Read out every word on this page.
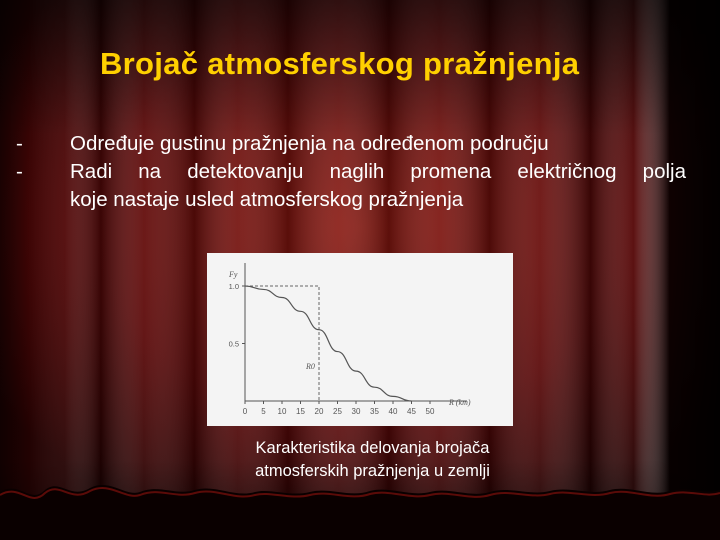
Brojač atmosferskog pražnjenja
-	Određuje gustinu pražnjenja na određenom području
-	Radi na detektovanju naglih promena električnog polja
koje nastaje usled atmosferskog pražnjenja
0 5 10 15 20 25 30 35 40 45 50
1.0
0.5
Fy
R (km)
R0
Karakteristika delovanja brojača
atmosferskih pražnjenja u zemlji
